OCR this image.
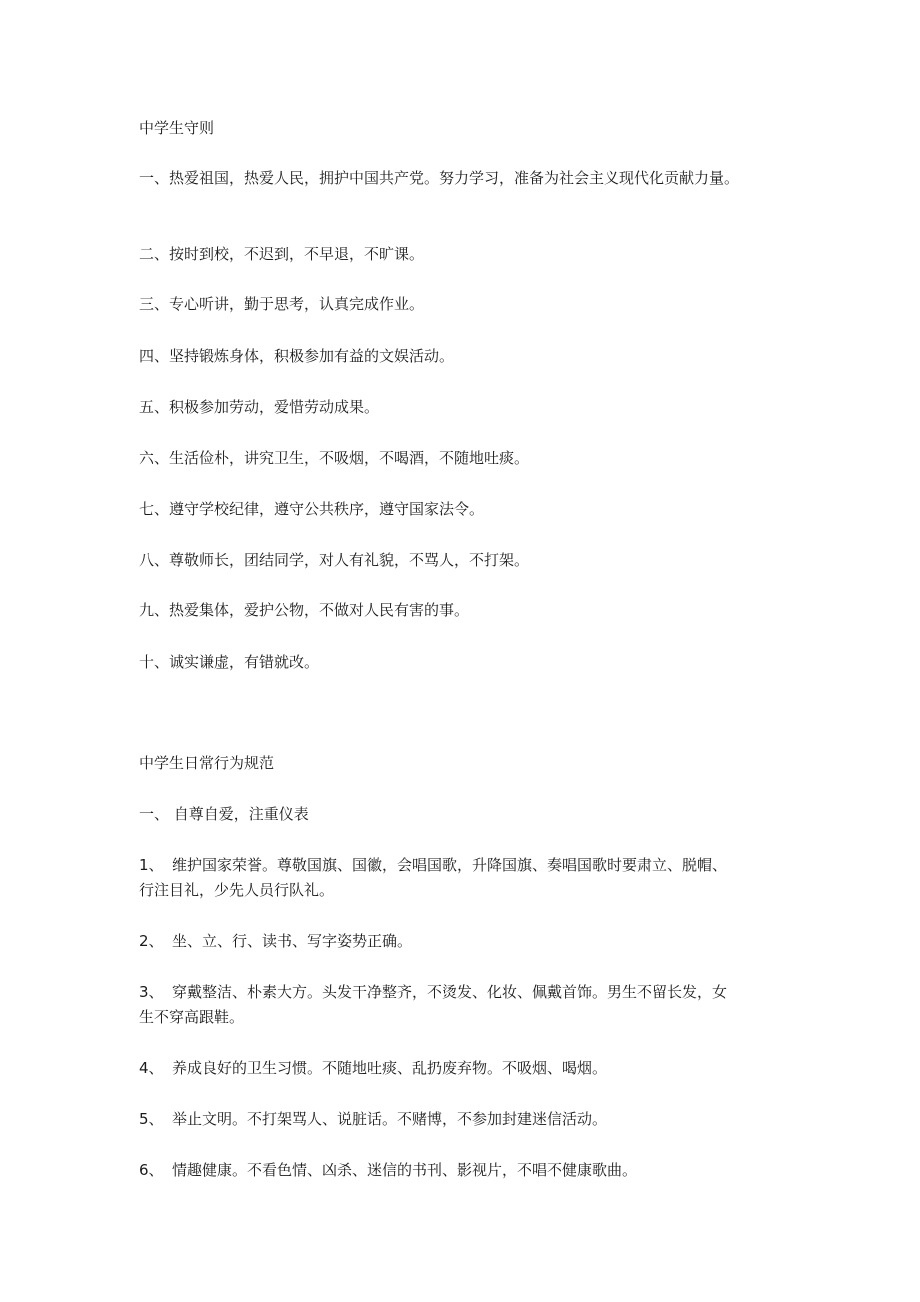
中学生守则
一、热爱祖国，热爱人民，拥护中国共产党。努力学习，准备为社会主义现代化贡献力量。
二、按时到校，不迟到，不早退，不旷课。
三、专心听讲，勤于思考，认真完成作业。
四、坚持锻炼身体，积极参加有益的文娱活动。
五、积极参加劳动，爱惜劳动成果。
六、生活俭朴，讲究卫生，不吸烟，不喝酒，不随地吐痰。
七、遵守学校纪律，遵守公共秩序，遵守国家法令。
八、尊敬师长，团结同学，对人有礼貌，不骂人，不打架。
九、热爱集体，爱护公物，不做对人民有害的事。
十、诚实谦虚，有错就改。
中学生日常行为规范
一、 自尊自爱，注重仪表
1、 维护国家荣誉。尊敬国旗、国徽，会唱国歌，升降国旗、奏唱国歌时要肃立、脱帽、
行注目礼，少先人员行队礼。
2、 坐、立、行、读书、写字姿势正确。
3、 穿戴整洁、朴素大方。头发干净整齐，不烫发、化妆、佩戴首饰。男生不留长发，女
生不穿高跟鞋。
4、 养成良好的卫生习惯。不随地吐痰、乱扔废弃物。不吸烟、喝烟。
5、 举止文明。不打架骂人、说脏话。不赌博，不参加封建迷信活动。
6、 情趣健康。不看色情、凶杀、迷信的书刊、影视片，不唱不健康歌曲。
